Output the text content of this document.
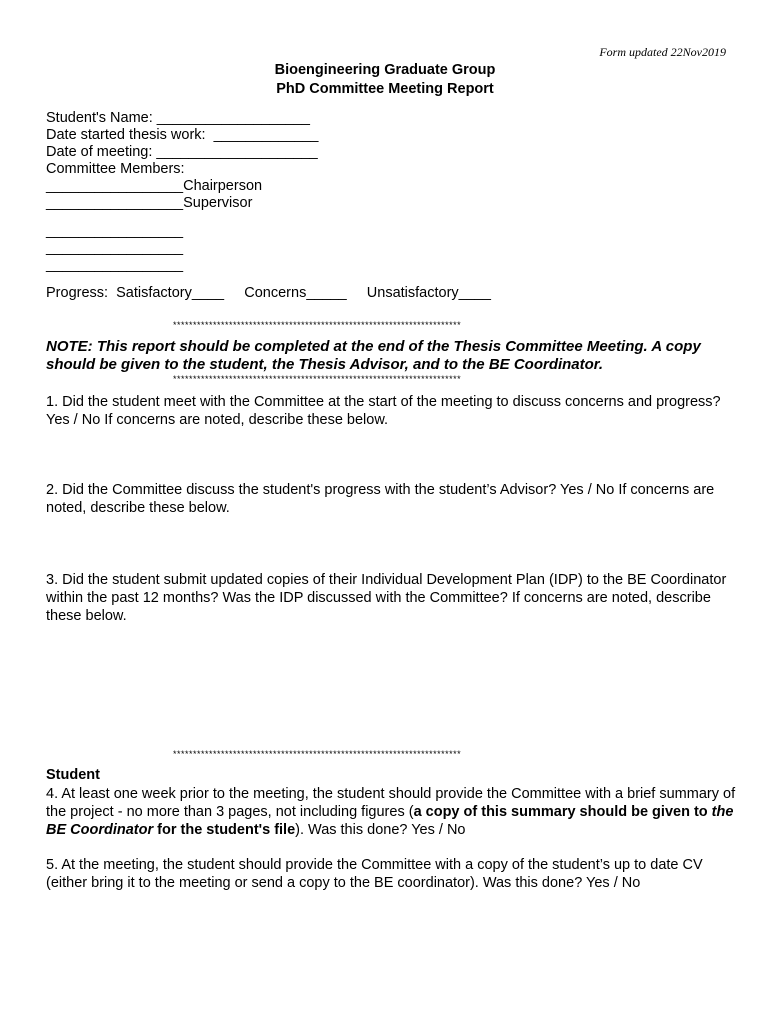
Form updated 22Nov2019
Bioengineering Graduate Group
PhD Committee Meeting Report
Student's Name: ___________________
Date started thesis work:  _____________
Date of meeting: ____________________
Committee Members:
_________________Chairperson
_________________Supervisor
_________________
_________________
_________________
Progress:  Satisfactory____     Concerns_____     Unsatisfactory____
************************************************************************
NOTE: This report should be completed at the end of the Thesis Committee Meeting. A copy should be given to the student, the Thesis Advisor, and to the BE Coordinator.
************************************************************************
1. Did the student meet with the Committee at the start of the meeting to discuss concerns and progress? Yes / No If concerns are noted, describe these below.
2. Did the Committee discuss the student's progress with the student’s Advisor? Yes / No If concerns are noted, describe these below.
3. Did the student submit updated copies of their Individual Development Plan (IDP) to the BE Coordinator within the past 12 months? Was the IDP discussed with the Committee? If concerns are noted, describe these below.
************************************************************************
Student
4. At least one week prior to the meeting, the student should provide the Committee with a brief summary of the project - no more than 3 pages, not including figures (a copy of this summary should be given to the BE Coordinator for the student's file). Was this done? Yes / No
5. At the meeting, the student should provide the Committee with a copy of the student’s up to date CV (either bring it to the meeting or send a copy to the BE coordinator). Was this done? Yes / No
